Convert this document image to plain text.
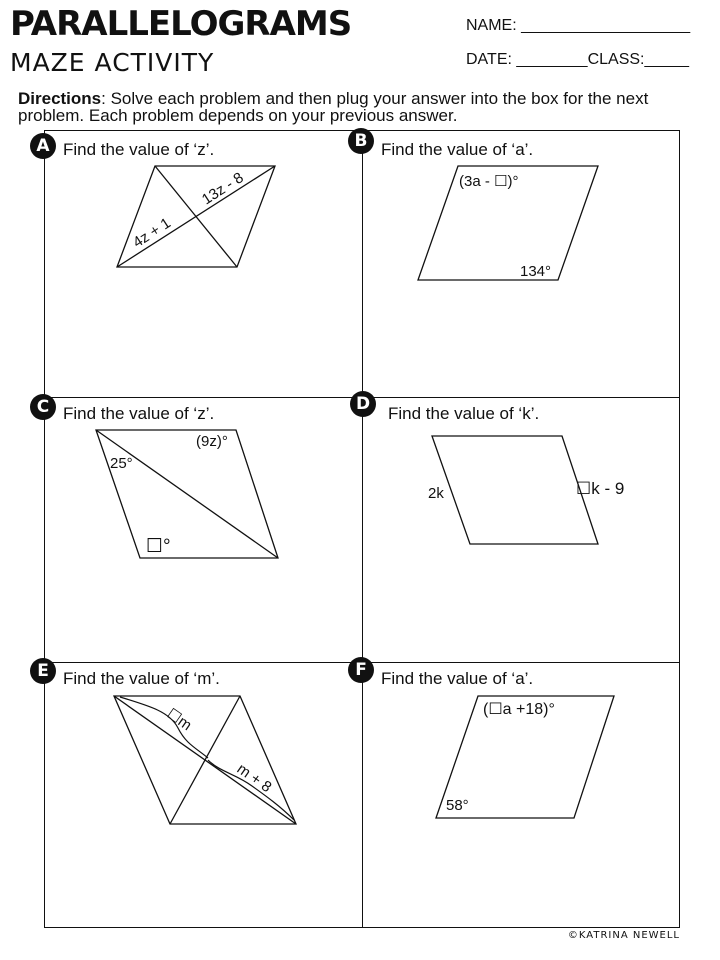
PARALLELOGRAMS
MAZE ACTIVITY
NAME: ___________________
DATE: ________CLASS:_____

Directions: Solve each problem and then plug your answer into the box for the next problem. Each problem depends on your previous answer.

A Find the value of ‘z’.
13z - 8
4z + 1
B Find the value of ‘a’.
(3a - ☐)°
134°
C Find the value of ‘z’.
(9z)°
25°
☐°
D	Find the value of ‘k’.
2k	☐k - 9
E Find the value of ‘m’.
☐m
m + 8
F Find the value of ‘a’.
(☐a +18)°
58°
©KATRINA NEWELL
